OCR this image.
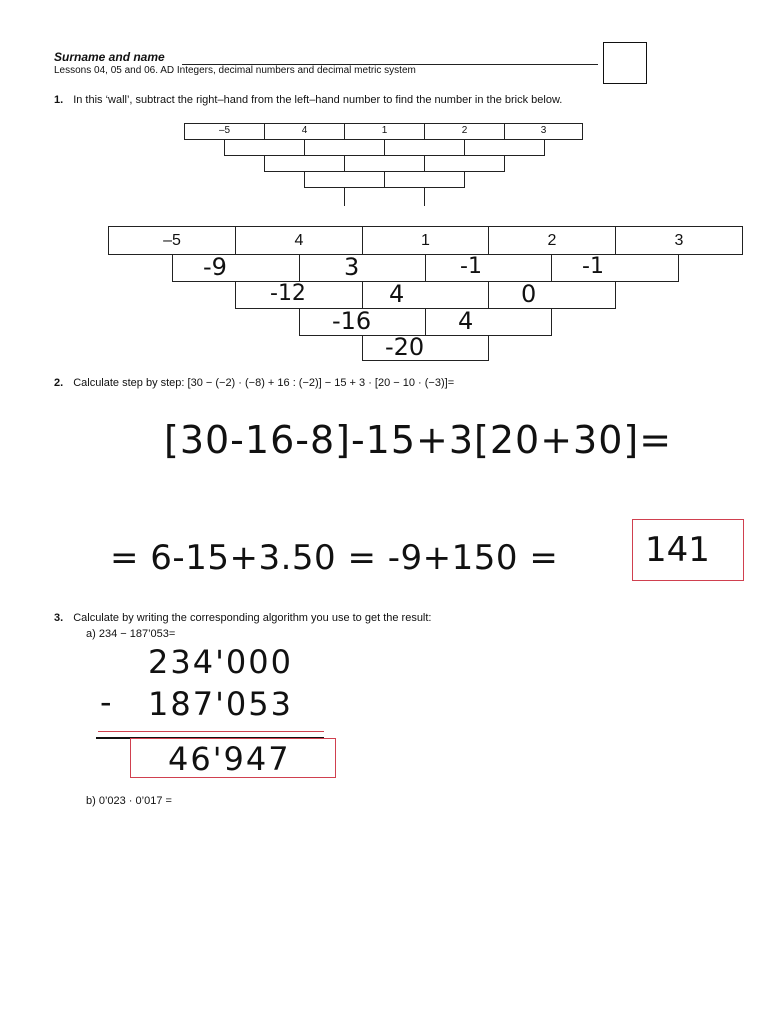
Surname and name
Lessons 04, 05 and 06. AD Integers, decimal numbers and decimal metric system
1. In this ‘wall’, subtract the right–hand from the left–hand number to find the number in the brick below.
–5	4	1	2	3
–5	4	1	2	3
-9	3	-1	-1
-12	4	0
-16	4
-20
2. Calculate step by step: [30 − (−2) · (−8) + 16 : (−2)] − 15 + 3 · [20 − 10 · (−3)]=
[30-16-8]-15+3[20+30]=
= 6-15+3.50 = -9+150 =	141
3. Calculate by writing the corresponding algorithm you use to get the result:
a) 234 − 187’053=
234'000
- 187'053
46'947
b) 0’023 · 0’017 =
